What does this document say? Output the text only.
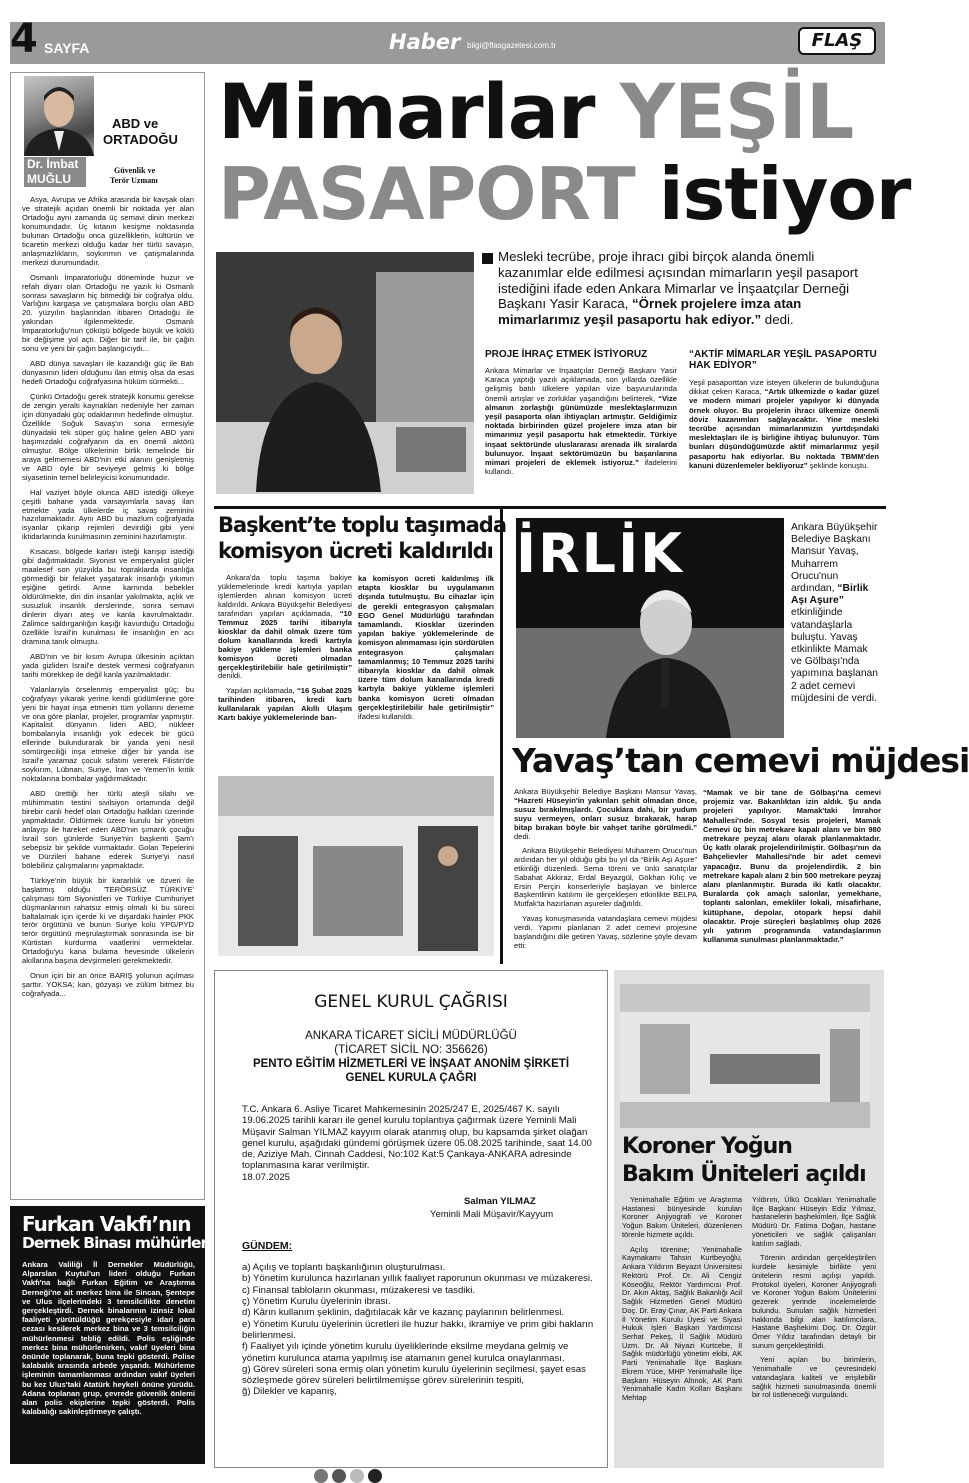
4 SAYFA	Haber bilgi@flasgazetesi.com.tr	FLAŞ
ABD ve
ORTADOĞU
Dr. İmbat
MUĞLU
Güvenlik ve
Terör Uzmanı

Asya, Avrupa ve Afrika arasında bir kavşak olan ve stratejik açıdan önemli bir noktada yer alan Ortadoğu aynı zamanda üç semavi dinin merkezi konumundadır. Üç kıtanın kesişme noktasında bulunan Ortadoğu onca güzelliklerin, kültürün ve ticaretin merkezi olduğu kadar her türlü savaşın, anlaşmazlıkların, soykırımın ve çatışmalarında merkezi durumundadır.

Osmanlı İmparatorluğu döneminde huzur ve refah diyarı olan Ortadoğu ne yazık ki Osmanlı sonrası savaşların hiç bitmediği bir coğrafya oldu. Varlığını kargaşa ve çatışmalara borçlu olan ABD 20. yüzyılın başlarından itibaren Ortadoğu ile yakından ilgilenmektedir. Osmanlı İmparatorluğu'nun çöküşü bölgede büyük ve köklü bir değişime yol açtı. Diğer bir tarif ile, bir çağın sonu ve yeni bir çağın başlangıcıydı...

ABD dünya savaşları ile kazandığı güç ile Batı dünyasının lideri olduğunu ilan etmiş olsa da esas hedefi Ortadoğu coğrafyasına hüküm sürmekti...

Çünkü Ortadoğu gerek stratejik konumu gerekse de zengin yeraltı kaynakları nedeniyle her zaman için dünyadaki güç odaklarının hedefinde olmuştur. Özellikle Soğuk Savaş'ın sona ermesiyle dünyadaki tek süper güç haline gelen ABD yani başımızdaki coğrafyanın da en önemli aktörü olmuştur. Bölge ülkelerinin birlik temelinde bir araya gelmemesi ABD'nin etki alanını genişletmiş ve ABD öyle bir seviyeye gelmiş ki bölge siyasetinin temel belirleyicisi konumundadır.

Hal vaziyet böyle olunca ABD istediği ülkeye çeşitli bahane yada varsayımlarla savaş ilan etmekte yada ülkelerde iç savaş zeminini hazırlamaktadır. Aynı ABD bu mazlum coğrafyada isyanlar çıkarıp rejimleri devirdiği gibi yeni iktidarlarında kurulmasının zeminini hazırlamıştır.

Kısacası, bölgede karları isteği karışıp istediği gibi dağıtmaktadır. Siyonist ve emperyalist güçler maalesef son yüzyılda bu topraklarda insanlığa görmediği bir felaket yaşatarak insanlığı yıkımın eşiğine getirdi. Anne karnında bebekler öldürülmekte, diri diri insanlar yakılmakta, açlık ve susuzluk insanlık derslerinde, sonra semavi dinlerin diyarı ateş ve kanla kavrulmaktadır. Zalimce saldırganlığın kaşığı kavurduğu Ortadoğu özellikle İsrail'in kurulması ile insanlığın en acı dramına tanık olmuştu.

ABD'nin ve bir kısım Avrupa ülkesinin açıktan yada gizliden İsrail'e destek vermesi coğrafyanın tarihi mürekkep ile değil kanla yazılmaktadır.

Yalanlarıyla örselenmiş emperyalist güç; bu coğrafyayı yıkarak yerine kendi güdümlerine göre yeni bir hayat inşa etmenin tüm yollarını deneme ve ona göre planlar, projeler, programlar yapmıştır. Kapitalist dünyanın lideri ABD, nükleer bombalarıyla insanlığı yok edecek bir gücü ellerinde bulundurarak bir yanda yeni nesil sömürgeciliği inşa etmeke diğer bir yanda ise İsrail'e yaramaz çocuk sıfatını vererek Filistin'de soykırım, Lübnan, Suriye, İran ve Yemen'in kritik noktalarına bombalar yağdırmaktadır.

ABD ürettiği her türlü ateşli silahı ve mühimmatın testini sivilsiyon ortamında değil birebir canlı hedef olan Ortadoğu halkları üzerinde yapmaktadır. Öldürmek üzere kurulu bir yönetim anlayışı ile hareket eden ABD'nin şımarık çocuğu İsrail son günlerde Suriye'nin başkenti Şam'ı sebepsiz bir şekilde vurmaktadır. Golan Tepelerini ve Dürzileri bahane ederek Suriye'yi nasıl bölebiliriz çalışmalarını yapmaktadır.

Türkiye'nin büyük bir kararlılık ve özveri ile başlatmış olduğu 'TERÖRSÜZ TÜRKİYE' çalışması tüm Siyonistleri ve Türkiye Cumhuriyet düşmanlarının rahatsız etmiş olmalı ki bu süreci baltalamak için içerde ki ve dışardaki hainler PKK terör örgütünü ve bunun Suriye kolu YPG/PYD terör örgütünü meşrulaştırmak sonrasında ise bir Kürtistan kurdurma vaatlerini vermektelar. Ortadoğu'yu kana bulama hevesinde ülkelerin akıllarına başına devşirmeleri gerekmektedir.

Onun için bir an önce BARIŞ yolunun açılması şarttır. YOKSA; kan, gözyaşı ve zülüm bitmez bu coğrafyada...

Furkan Vakfı’nın
Dernek Binası mühürlendi
Ankara Valiliği İl Dernekler Müdürlüğü, Alparslan Kuytul'un lideri olduğu Furkan Vakfı'na bağlı Furkan Eğitim ve Araştırma Derneği'ne ait merkez bina ile Sincan, Şentepe ve Ulus ilçelerindeki 3 temsilcilikte denetim gerçekleştirdi. Dernek binalarının izinsiz lokal faaliyeti yürütüldüğü gerekçesiyle idari para cezası kesilerek merkez bina ve 3 temsilciliğin mühürlenmesi tebliğ edildi. Polis eşliğinde merkez bina mühürlenirken, vakıf üyeleri bina önünde toplanarak, buna tepki gösterdi. Polise kalabalık arasında arbede yaşandı. Mühürleme işleminin tamamlanması ardından vakıf üyeleri bu kez Ulus'taki Atatürk heykeli önüne yürüdü. Adana toplanan grup, çevrede güvenlik önlemi alan polis ekiplerine tepki gösterdi. Polis kalabalığı sakinleştirmeye çalıştı.
Mimarlar YEŞİL
PASAPORT istiyor
Mesleki tecrübe, proje ihracı gibi birçok alanda önemli kazanımlar elde edilmesi açısından mimarların yeşil pasaport istediğini ifade eden Ankara Mimarlar ve İnşaatçılar Derneği Başkanı Yasir Karaca, “Örnek projelere imza atan mimarlarımız yeşil pasaportu hak ediyor.” dedi.
PROJE İHRAÇ ETMEK İSTİYORUZ
Ankara Mimarlar ve İnşaatçılar Derneği Başkanı Yasir Karaca yaptığı yazılı açıklamada, son yıllarda özellikle gelişmiş batılı ülkelere yapılan vize başvurularında önemli artışlar ve zorluklar yaşandığını belirterek, “Vize almanın zorlaştığı günümüzde meslektaşlarımızın yeşil pasaporta olan ihtiyaçları artmıştır. Geldiğimiz noktada birbirinden güzel projelere imza atan bir mimarımız yeşil pasaportu hak etmektedir. Türkiye inşaat sektöründe uluslararası arenada ilk sıralarda bulunuyor. İnşaat sektörümüzün bu başarılarına mimari projeleri de eklemek istiyoruz.” ifadelerini kullandı.
“AKTİF MİMARLAR YEŞİL PASAPORTU HAK EDİYOR”
Yeşil pasaporttan vize isteyen ülkelerin de bulunduğuna dikkat çeken Karaca, “Artık ülkemizde o kadar güzel ve modern mimari projeler yapılıyor ki dünyada örnek oluyor. Bu projelerin ihracı ülkemize önemli döviz kazanımları sağlayacaktır. Yine mesleki tecrübe açısından mimarlarımızın yurtdışındaki meslektaşları ile iş birliğine ihtiyaç bulunuyor. Tüm bunları düşündüğümüzde aktif mimarlarımız yeşil pasaportu hak ediyorlar. Bu noktada TBMM'den kanuni düzenlemeler bekliyoruz” şeklinde konuştu.
Başkent’te toplu taşımada
komisyon ücreti kaldırıldı

Ankara'da toplu taşıma bakiye yüklemelerinde kredi kartıyla yapılan işlemlerden alınan komisyon ücreti kaldırıldı. Ankara Büyükşehir Belediyesi tarafından yapılan açıklamada, “10 Temmuz 2025 tarihi itibarıyla kiosklar da dahil olmak üzere tüm dolum kanallarında kredi kartıyla bakiye yükleme işlemleri banka komisyon ücreti olmadan gerçekleştirilebilir hale getirilmiştir” denildi.

Yapılan açıklamada, “16 Şubat 2025 tarihinden itibaren, kredi kartı kullanılarak yapılan Akıllı Ulaşım Kartı bakiye yüklemelerinde ban-

ka komisyon ücreti kaldırılmış ilk etapta kiosklar bu uygulamanın dışında tutulmuştu. Bu cihazlar için de gerekli entegrasyon çalışmaları EGO Genel Müdürlüğü tarafından tamamlandı. Kiosklar üzerinden yapılan bakiye yüklemelerinde de komisyon alınmaması için sürdürülen entegrasyon çalışmaları tamamlanmış; 10 Temmuz 2025 tarihi itibarıyla kiosklar da dahil olmak üzere tüm dolum kanallarında kredi kartıyla bakiye yükleme işlemleri banka komisyon ücreti olmadan gerçekleştirilebilir hale getirilmiştir” ifadesi kullanıldı.
İRLİK	Ankara Büyükşehir Belediye Başkanı Mansur Yavaş, Muharrem Orucu'nun ardından, “Birlik Aşı Aşure” etkinliğinde vatandaşlarla buluştu. Yavaş etkinlikte Mamak ve Gölbaşı'nda yapımına başlanan 2 adet cemevi müjdesini de verdi.
Yavaş’tan cemevi müjdesi

Ankara Büyükşehir Belediye Başkanı Mansur Yavaş, “Hazreti Hüseyin'in yakınları şehit olmadan önce, susuz bırakılmışlardı. Çocuklara dahi, bir yudum suyu vermeyen, onları susuz bırakarak, harap bitap bırakan böyle bir vahşet tarihe görülmedi.” dedi.

Ankara Büyükşehir Belediyesi Muharrem Orucu'nun ardından her yıl olduğu gibi bu yıl da “Birlik Aşı Aşure” etkinliği düzenledi. Sema töreni ve ünlü sanatçılar Sabahat Akkiraz, Erdal Beyazgül, Gökhan Kılıç ve Ersin Perçin konserleriyle başlayan ve binlerce Başkentlinin katılımı ile gerçekleşen etkinlikte BELPA Mutfak'ta hazırlanan aşureler dağıtıldı.

Yavaş konuşmasında vatandaşlara cemevi müjdesi verdi. Yapımı planlanan 2 adet cemevi projesine başlandığını dile getiren Yavaş, sözlerine şöyle devam etti:

“Mamak ve bir tane de Gölbaşı'na cemevi projemiz var. Bakanlıktan izin aldık. Şu anda projeleri yapılıyor. Mamak'taki İmrahor Mahallesi'nde. Sosyal tesis projeleri, Mamak Cemevi üç bin metrekare kapalı alanı ve bin 980 metrekare peyzaj alanı olarak planlanmaktadır. Üç katlı olarak projelendirilmiştir. Gölbaşı'nın da Bahçelievler Mahallesi'nde bir adet cemevi yapacağız. Bunu da projelendirdik. 2 bin metrekare kapalı alanı 2 bin 500 metrekare peyzaj alanı planlanmıştır. Burada iki katlı olacaktır. Buralarda çok amaçlı salonlar, yemekhane, toplantı salonları, emekliler lokali, misafirhane, kütüphane, depolar, otopark hepsi dahil olacaktır. Proje süreçleri başlatılmış olup 2026 yılı yatırım programında vatandaşlarımın kullanıma sunulması planlanmaktadır.”
GENEL KURUL ÇAĞRISI
ANKARA TİCARET SİCİLİ MÜDÜRLÜĞÜ
(TİCARET SİCİL NO: 356626)
PENTO EĞİTİM HİZMETLERİ VE İNŞAAT ANONİM ŞİRKETİ
GENEL KURULA ÇAĞRI
T.C. Ankara 6. Asliye Ticaret Mahkemesinin 2025/247 E, 2025/467 K. sayılı 19.06.2025 tarihli kararı ile genel kurulu toplantıya çağırmak üzere Yeminli Mali Müşavir Salman YILMAZ kayyım olarak atanmış olup, bu kapsamda şirket olağan genel kurulu, aşağıdaki gündemi görüşmek üzere 05.08.2025 tarihinde, saat 14.00 de, Aziziye Mah. Cinnah Caddesi, No:102 Kat:5 Çankaya-ANKARA adresinde toplanmasına karar verilmiştir.
18.07.2025
Salman YILMAZ
Yeminli Mali Müşavir/Kayyum
GÜNDEM:
a) Açılış ve toplantı başkanlığının oluşturulması.
b) Yönetim kurulunca hazırlanan yıllık faaliyet raporunun okunması ve müzakeresi.
c) Finansal tabloların okunması, müzakeresi ve tasdiki.
ç) Yönetim Kurulu üyelerinin ibrası.
d) Kârın kullanım şeklinin, dağıtılacak kâr ve kazanç paylarının belirlenmesi.
e) Yönetim Kurulu üyelerinin ücretleri ile huzur hakkı, ikramiye ve prim gibi hakların belirlenmesi.
f) Faaliyet yılı içinde yönetim kurulu üyeliklerinde eksilme meydana gelmiş ve yönetim kurulunca atama yapılmış ise atamanın genel kurulca onaylanması.
g) Görev süreleri sona ermiş olan yönetim kurulu üyelerinin seçilmesi, şayet esas sözleşmede görev süreleri belirtilmemişse görev sürelerinin tespiti,
ğ) Dilekler ve kapanış,
Koroner Yoğun
Bakım Üniteleri açıldı

Yenimahalle Eğitim ve Araştırma Hastanesi bünyesinde kurulan Koroner Anjiyografi ve Koroner Yoğun Bakım Üniteleri, düzenlenen törenle hizmete açıldı.

Açılış törenine; Yenimahalle Kaymakamı Tahsin Kurtbeyoğlu, Ankara Yıldırım Beyazıt Üniversitesi Rektörü Prof. Dr. Ali Cengiz Köseoğlu, Rektör Yardımcısı Prof. Dr. Akın Aktaş, Sağlık Bakanlığı Acil Sağlık Hizmetleri Genel Müdürü Doç. Dr. Eray Çınar, AK Parti Ankara İl Yönetim Kurulu Üyesi ve Siyasi Hukuk İşleri Başkan Yardımcısı Serhat Pekeş, İl Sağlık Müdürü Uzm. Dr. Ali Niyazi Kurtcebe, İl Sağlık müdürlüğü yönetim ekibi, AK Parti Yenimahalle İlçe Başkanı Ekrem Yüce, MHP Yenimahalle İlçe Başkanı Hüseyin Altınok, AK Parti Yenimahalle Kadın Kolları Başkanı Mehtap

Yıldırım, Ülkü Ocakları Yenimahalle İlçe Başkanı Hüseyin Ediz Yılmaz, hastanelerin başhekimleri, İlçe Sağlık Müdürü Dr. Fatima Doğan, hastane yöneticileri ve sağlık çalışanları katılım sağladı.

Törenin ardından gerçekleştirilen kurdele kesimiyle birlikte yeni ünitelerin resmi açılışı yapıldı. Protokol üyeleri, Koroner Anjiyografi ve Koroner Yoğun Bakım Ünitelerini gezerek yerinde incelemelerde bulundu. Sunulan sağlık hizmetleri hakkında bilgi alan katılımcılara, Hastane Başhekimi Doç. Dr. Özgür Ömer Yıldız tarafından detaylı bir sunum gerçekleştirildi.

Yeni açılan bu birimlerin, Yenimahalle ve çevresindeki vatandaşlara kaliteli ve erişilebilir sağlık hizmeti sunulmasında önemli bir rol üstleneceği vurgulandı.
